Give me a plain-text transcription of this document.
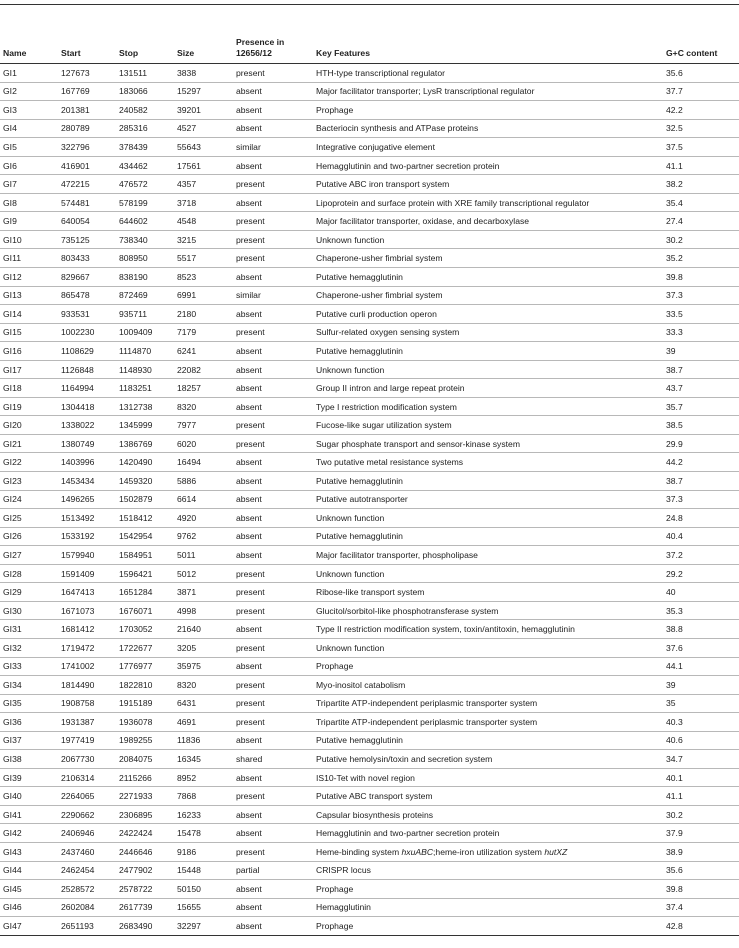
Name	Start	Stop	Size	Presence in
12656/12	Key Features	G+C content
GI1	127673	131511	3838	present	HTH-type transcriptional regulator	35.6
GI2	167769	183066	15297	absent	Major facilitator transporter; LysR transcriptional regulator	37.7
GI3	201381	240582	39201	absent	Prophage	42.2
GI4	280789	285316	4527	absent	Bacteriocin synthesis and ATPase proteins	32.5
GI5	322796	378439	55643	similar	Integrative conjugative element	37.5
GI6	416901	434462	17561	absent	Hemagglutinin and two-partner secretion protein	41.1
GI7	472215	476572	4357	present	Putative ABC iron transport system	38.2
GI8	574481	578199	3718	absent	Lipoprotein and surface protein with XRE family transcriptional regulator	35.4
GI9	640054	644602	4548	present	Major facilitator transporter, oxidase, and decarboxylase	27.4
GI10	735125	738340	3215	present	Unknown function	30.2
GI11	803433	808950	5517	present	Chaperone-usher fimbrial system	35.2
GI12	829667	838190	8523	absent	Putative hemagglutinin	39.8
GI13	865478	872469	6991	similar	Chaperone-usher fimbrial system	37.3
GI14	933531	935711	2180	absent	Putative curli production operon	33.5
GI15	1002230	1009409	7179	present	Sulfur-related oxygen sensing system	33.3
GI16	1108629	1114870	6241	absent	Putative hemagglutinin	39
GI17	1126848	1148930	22082	absent	Unknown function	38.7
GI18	1164994	1183251	18257	absent	Group II intron and large repeat protein	43.7
GI19	1304418	1312738	8320	absent	Type I restriction modification system	35.7
GI20	1338022	1345999	7977	present	Fucose-like sugar utilization system	38.5
GI21	1380749	1386769	6020	present	Sugar phosphate transport and sensor-kinase system	29.9
GI22	1403996	1420490	16494	absent	Two putative metal resistance systems	44.2
GI23	1453434	1459320	5886	absent	Putative hemagglutinin	38.7
GI24	1496265	1502879	6614	absent	Putative autotransporter	37.3
GI25	1513492	1518412	4920	absent	Unknown function	24.8
GI26	1533192	1542954	9762	absent	Putative hemagglutinin	40.4
GI27	1579940	1584951	5011	absent	Major facilitator transporter, phospholipase	37.2
GI28	1591409	1596421	5012	present	Unknown function	29.2
GI29	1647413	1651284	3871	present	Ribose-like transport system	40
GI30	1671073	1676071	4998	present	Glucitol/sorbitol-like phosphotransferase system	35.3
GI31	1681412	1703052	21640	absent	Type II restriction modification system, toxin/antitoxin, hemagglutinin	38.8
GI32	1719472	1722677	3205	present	Unknown function	37.6
GI33	1741002	1776977	35975	absent	Prophage	44.1
GI34	1814490	1822810	8320	present	Myo-inositol catabolism	39
GI35	1908758	1915189	6431	present	Tripartite ATP-independent periplasmic transporter system	35
GI36	1931387	1936078	4691	present	Tripartite ATP-independent periplasmic transporter system	40.3
GI37	1977419	1989255	11836	absent	Putative hemagglutinin	40.6
GI38	2067730	2084075	16345	shared	Putative hemolysin/toxin and secretion system	34.7
GI39	2106314	2115266	8952	absent	IS10-Tet with novel region	40.1
GI40	2264065	2271933	7868	present	Putative ABC transport system	41.1
GI41	2290662	2306895	16233	absent	Capsular biosynthesis proteins	30.2
GI42	2406946	2422424	15478	absent	Hemagglutinin and two-partner secretion protein	37.9
GI43	2437460	2446646	9186	present	Heme-binding system hxuABC;heme-iron utilization system hutXZ	38.9
GI44	2462454	2477902	15448	partial	CRISPR locus	35.6
GI45	2528572	2578722	50150	absent	Prophage	39.8
GI46	2602084	2617739	15655	absent	Hemagglutinin	37.4
GI47	2651193	2683490	32297	absent	Prophage	42.8
